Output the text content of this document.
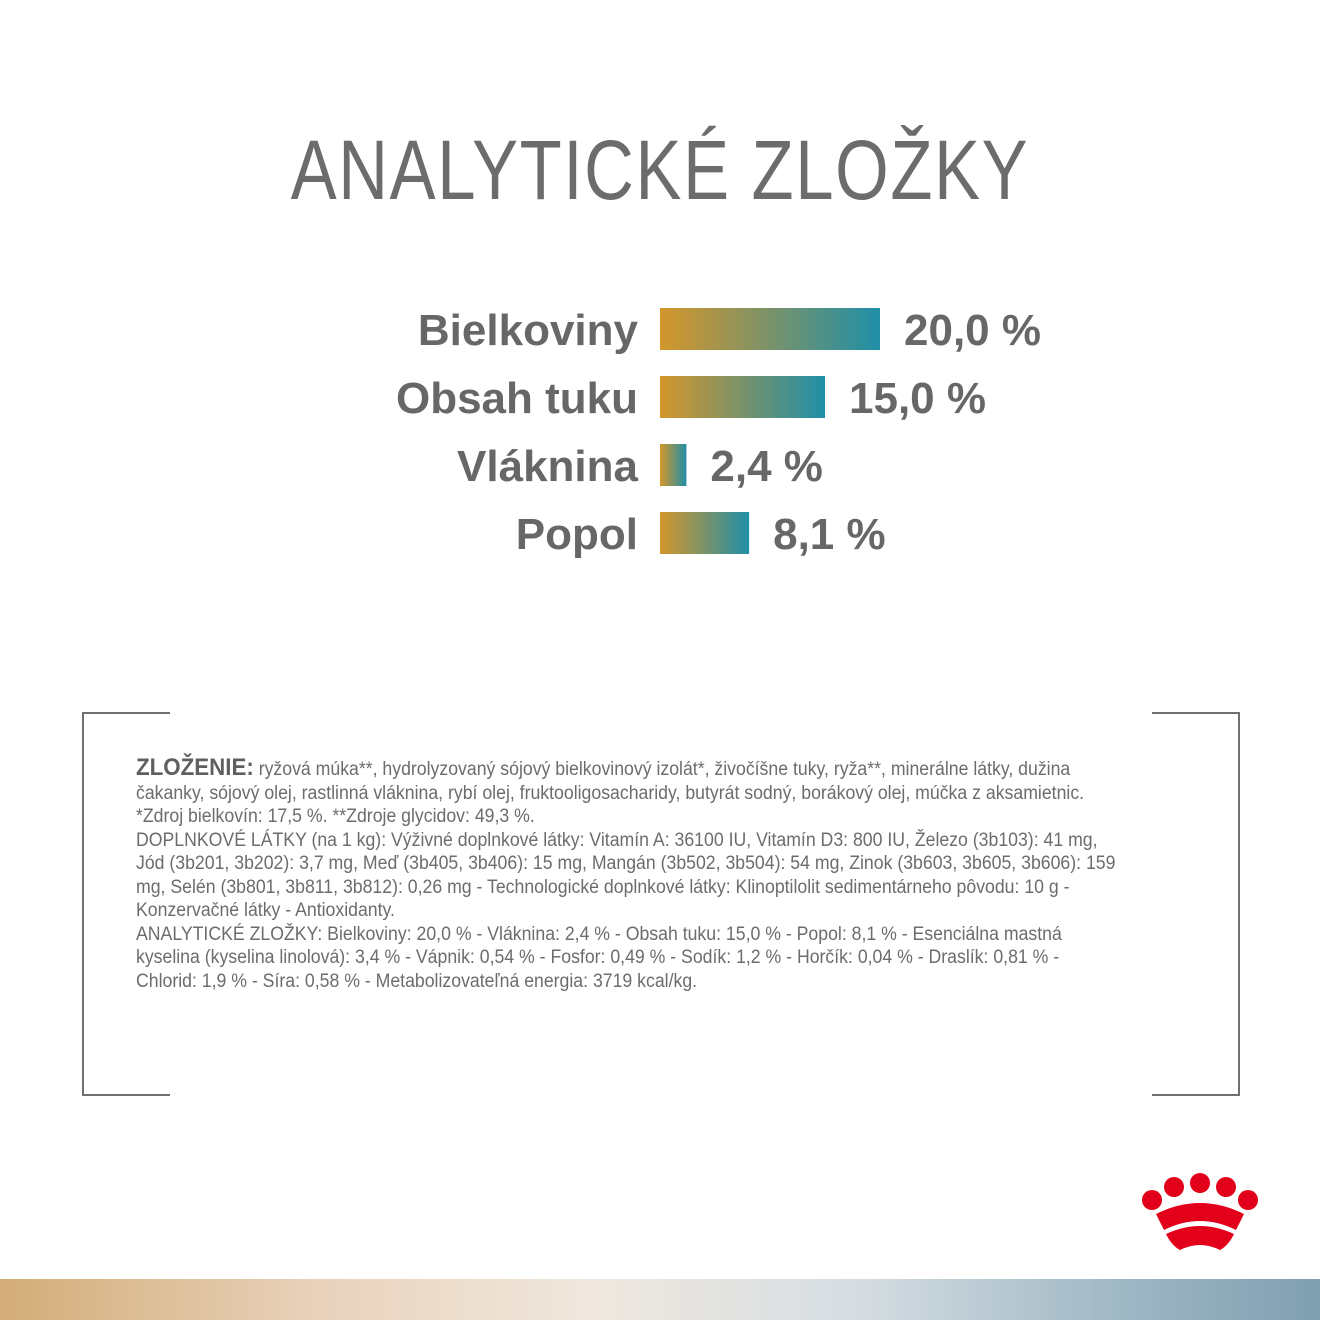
ANALYTICKÉ ZLOŽKY
Bielkoviny	20,0 %
Obsah tuku	15,0 %
Vláknina 2,4 %
Popol	8,1 %

ZLOŽENIE: ryžová múka**, hydrolyzovaný sójový bielkovinový izolát*, živočíšne tuky, ryža**, minerálne látky, dužina čakanky, sójový olej, rastlinná vláknina, rybí olej, fruktooligosacharidy, butyrát sodný, borákový olej, múčka z aksamietnic. *Zdroj bielkovín: 17,5 %. **Zdroje glycidov: 49,3 %.

DOPLNKOVÉ LÁTKY (na 1 kg): Výživné doplnkové látky: Vitamín A: 36100 IU, Vitamín D3: 800 IU, Železo (3b103): 41 mg, Jód (3b201, 3b202): 3,7 mg, Meď (3b405, 3b406): 15 mg, Mangán (3b502, 3b504): 54 mg, Zinok (3b603, 3b605, 3b606): 159 mg, Selén (3b801, 3b811, 3b812): 0,26 mg - Technologické doplnkové látky: Klinoptilolit sedimentárneho pôvodu: 10 g - Konzervačné látky - Antioxidanty.

ANALYTICKÉ ZLOŽKY: Bielkoviny: 20,0 % - Vláknina: 2,4 % - Obsah tuku: 15,0 % - Popol: 8,1 % - Esenciálna mastná kyselina (kyselina linolová): 3,4 % - Vápnik: 0,54 % - Fosfor: 0,49 % - Sodík: 1,2 % - Horčík: 0,04 % - Draslík: 0,81 % - Chlorid: 1,9 % - Síra: 0,58 % - Metabolizovateľná energia: 3719 kcal/kg.
